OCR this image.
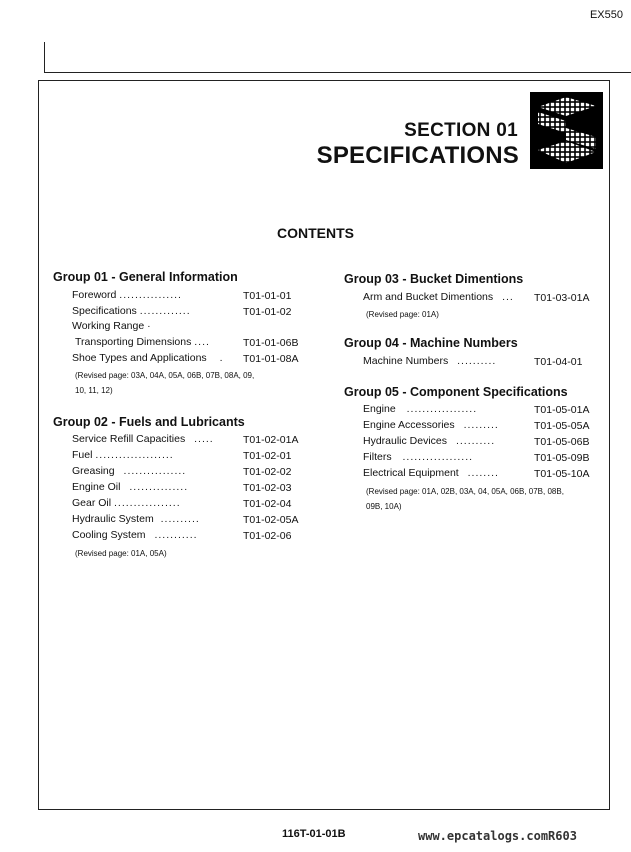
EX550
SECTION 01
SPECIFICATIONS
CONTENTS
Group 01 - General Information
Foreword ................	T01-01-01
Specifications .............	T01-01-02
Working Range ·
Transporting Dimensions ....	T01-01-06B
Shoe Types and Applications . T01-01-08A
(Revised page: 03A, 04A, 05A, 06B, 07B, 08A, 09,
10, 11, 12)
Group 02 - Fuels and Lubricants
Service Refill Capacities .....	T01-02-01A
Fuel ....................	T01-02-01
Greasing ................	T01-02-02
Engine Oil ...............	T01-02-03
Gear Oil .................	T01-02-04
Hydraulic System ..........	T01-02-05A
Cooling System ...........	T01-02-06
(Revised page: 01A, 05A)
Group 03 - Bucket Dimentions
Arm and Bucket Dimentions ... T01-03-01A
(Revised page: 01A)
Group 04 - Machine Numbers
Machine Numbers ..........	T01-04-01
Group 05 - Component Specifications
Engine ..................	T01-05-01A
Engine Accessories .........	T01-05-05A
Hydraulic Devices ..........	T01-05-06B
Filters ..................	T01-05-09B
Electrical Equipment ........	T01-05-10A
(Revised page: 01A, 02B, 03A, 04, 05A, 06B, 07B, 08B,
09B, 10A)
116T-01-01B	www.epcatalogs.comR603
